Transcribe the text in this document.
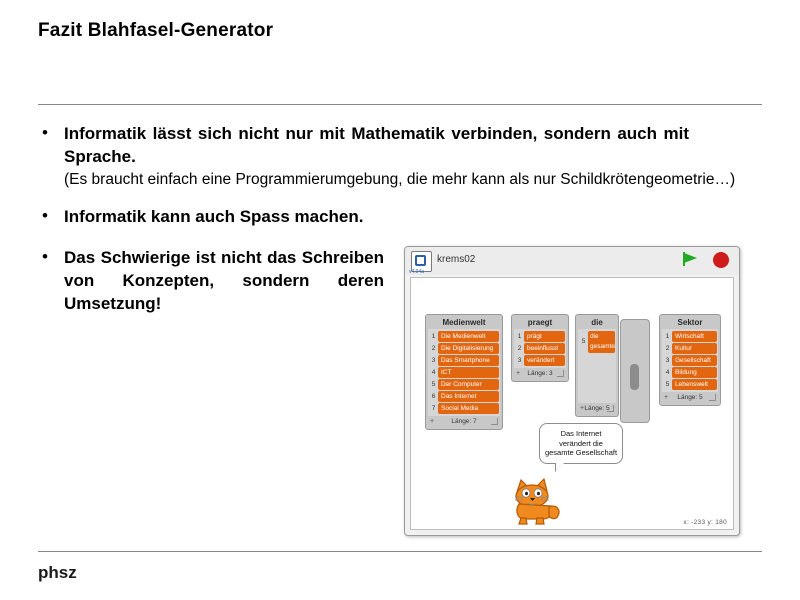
Fazit Blahfasel-Generator
• Informatik lässt sich nicht nur mit Mathematik verbinden, sondern auch mit Sprache.
(Es braucht einfach eine Programmierumgebung, die mehr kann als nur Schildkrötengeometrie…)
• Informatik kann auch Spass machen.
• Das Schwierige ist nicht das Schreiben von Konzepten, sondern deren Umsetzung!
v4.04a
krems02
Medienwelt
1 Die Medienwelt
2 Die Digitalisierung
3 Das Smartphone
4 ICT
5 Der Computer
6 Das Internet
7 Social Media
+	Länge: 7
praegt
1 prägt
2 beeinflusst
3 verändert
+ Länge: 3
die
5
die gesamte
+ Länge: 5
Sektor
1 Wirtschaft
2 Kultur
3 Gesellschaft
4 Bildung
5 Lebenswelt
+ Länge: 5
Das Internet verändert die gesamte Gesellschaft
x: -233 y: 180
phsz
